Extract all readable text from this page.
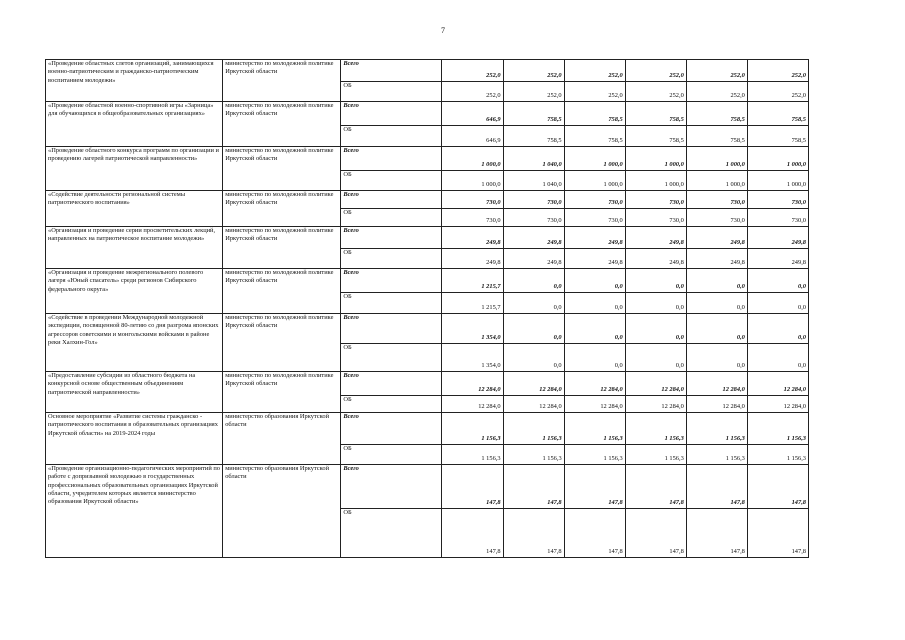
7
«Проведение областных слетов организаций, занимающихся военно-патриотическим и гражданско-патриотическим воспитанием молодежи»	министерство по молодежной политике Иркутской области	Всего	252,0	252,0	252,0	252,0	252,0	252,0
		ОБ	252,0	252,0	252,0	252,0	252,0	252,0
«Проведение областной военно-спортивной игры «Зарница» для обучающихся в общеобразовательных организациях»	министерство по молодежной политике Иркутской области	Всего	646,9	758,5	758,5	758,5	758,5	758,5
		ОБ	646,9	758,5	758,5	758,5	758,5	758,5
«Проведение областного конкурса программ по организации и проведению лагерей патриотической направленности»	министерство по молодежной политике Иркутской области	Всего	1 000,0	1 040,0	1 000,0	1 000,0	1 000,0	1 000,0
		ОБ	1 000,0	1 040,0	1 000,0	1 000,0	1 000,0	1 000,0
«Содействие деятельности региональной системы патриотического воспитания»	министерство по молодежной политике Иркутской области	Всего	730,0	730,0	730,0	730,0	730,0	730,0
		ОБ	730,0	730,0	730,0	730,0	730,0	730,0
«Организация и проведение серии просветительских лекций, направленных на патриотическое воспитание молодежи»	министерство по молодежной политике Иркутской области	Всего	249,8	249,8	249,8	249,8	249,8	249,8
		ОБ	249,8	249,8	249,8	249,8	249,8	249,8
«Организация и проведение межрегионального полевого лагеря «Юный спасатель» среди регионов Сибирского федерального округа»	министерство по молодежной политике Иркутской области	Всего	1 215,7	0,0	0,0	0,0	0,0	0,0
		ОБ	1 215,7	0,0	0,0	0,0	0,0	0,0
«Содействие в проведении Международной молодежной экспедиции, посвященной 80-летию со дня разгрома японских агрессоров советскими и монгольскими войсками в районе реки Халхин-Гол»	министерство по молодежной политике Иркутской области	Всего	1 354,0	0,0	0,0	0,0	0,0	0,0
		ОБ	1 354,0	0,0	0,0	0,0	0,0	0,0
«Предоставление субсидии из областного бюджета на конкурсной основе общественным объединениям патриотической направленности»	министерство по молодежной политике Иркутской области	Всего	12 284,0	12 284,0	12 284,0	12 284,0	12 284,0	12 284,0
		ОБ	12 284,0	12 284,0	12 284,0	12 284,0	12 284,0	12 284,0
Основное мероприятие «Развитие системы гражданско - патриотического воспитания в образовательных организациях Иркутской области» на 2019-2024 годы	министерство образования Иркутской области	Всего	1 156,3	1 156,3	1 156,3	1 156,3	1 156,3	1 156,3
		ОБ	1 156,3	1 156,3	1 156,3	1 156,3	1 156,3	1 156,3
«Проведение организационно-педагогических мероприятий по работе с допризывной молодежью в государственных профессиональных образовательных организациях Иркутской области, учредителем которых является министерство образования Иркутской области»	министерство образования Иркутской области	Всего	147,8	147,8	147,8	147,8	147,8	147,8
		ОБ	147,8	147,8	147,8	147,8	147,8	147,8
